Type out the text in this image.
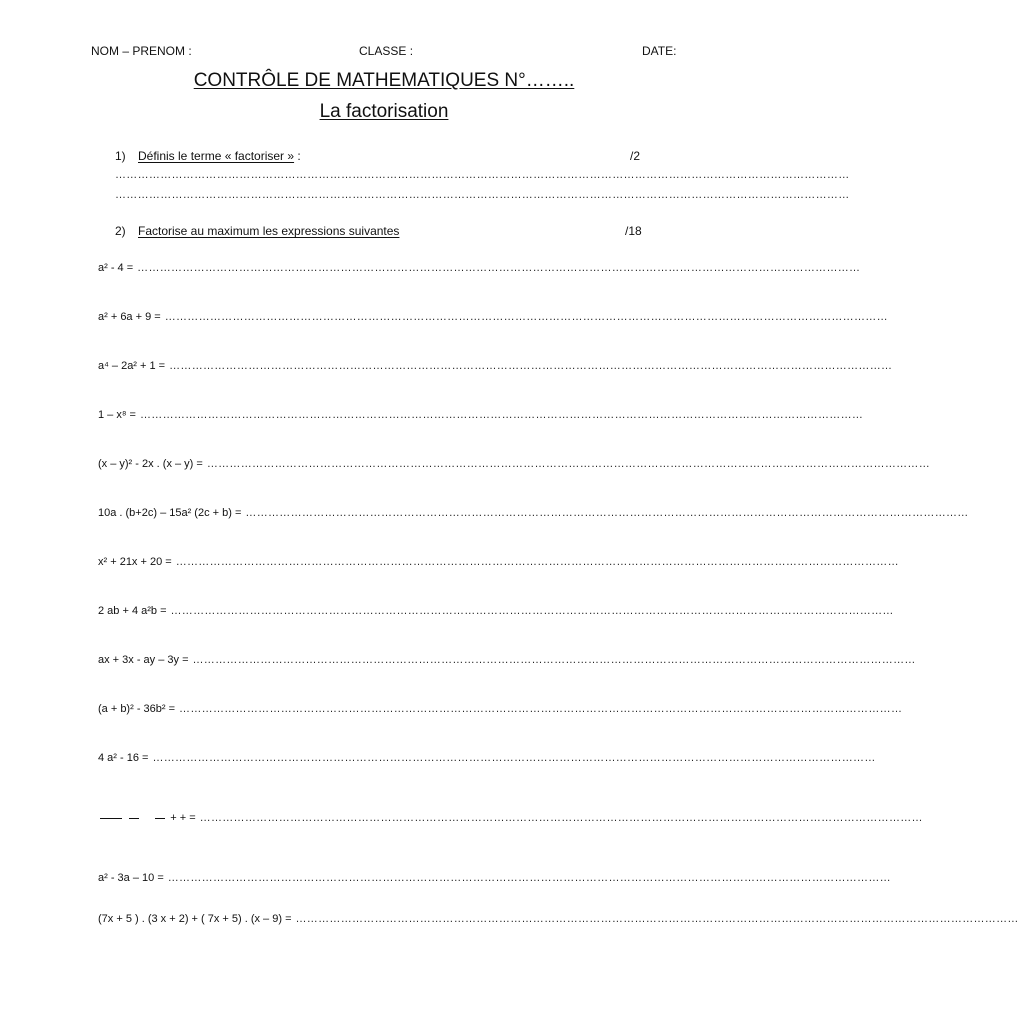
NOM – PRENOM :	CLASSE :	DATE:
CONTRÔLE DE MATHEMATIQUES N°……..
La factorisation
1) Définis le terme « factoriser » :	/2
……………………………………………………………………………………………………………………………………………………………………………
……………………………………………………………………………………………………………………………………………………………………………
2) Factorise au maximum les expressions suivantes	/18
a² - 4 = …………………………………………………………………………………………………………………………………………………………………………
a² + 6a + 9 = …………………………………………………………………………………………………………………………………………………………………………
a⁴ – 2a² + 1 = …………………………………………………………………………………………………………………………………………………………………………
1 – x⁸ = …………………………………………………………………………………………………………………………………………………………………………
(x – y)² - 2x . (x – y) = …………………………………………………………………………………………………………………………………………………………………………
10a . (b+2c) – 15a² (2c + b) = …………………………………………………………………………………………………………………………………………………………………………
x² + 21x + 20 = …………………………………………………………………………………………………………………………………………………………………………
2 ab + 4 a²b = …………………………………………………………………………………………………………………………………………………………………………
ax + 3x - ay – 3y = …………………………………………………………………………………………………………………………………………………………………………
(a + b)² - 36b² = …………………………………………………………………………………………………………………………………………………………………………
4 a² - 16 = …………………………………………………………………………………………………………………………………………………………………………
+ + = …………………………………………………………………………………………………………………………………………………………………………
a² - 3a – 10 = …………………………………………………………………………………………………………………………………………………………………………
(7x + 5 ) . (3 x + 2) + ( 7x + 5) . (x – 9) = …………………………………………………………………………………………………………………………………………………………………………
